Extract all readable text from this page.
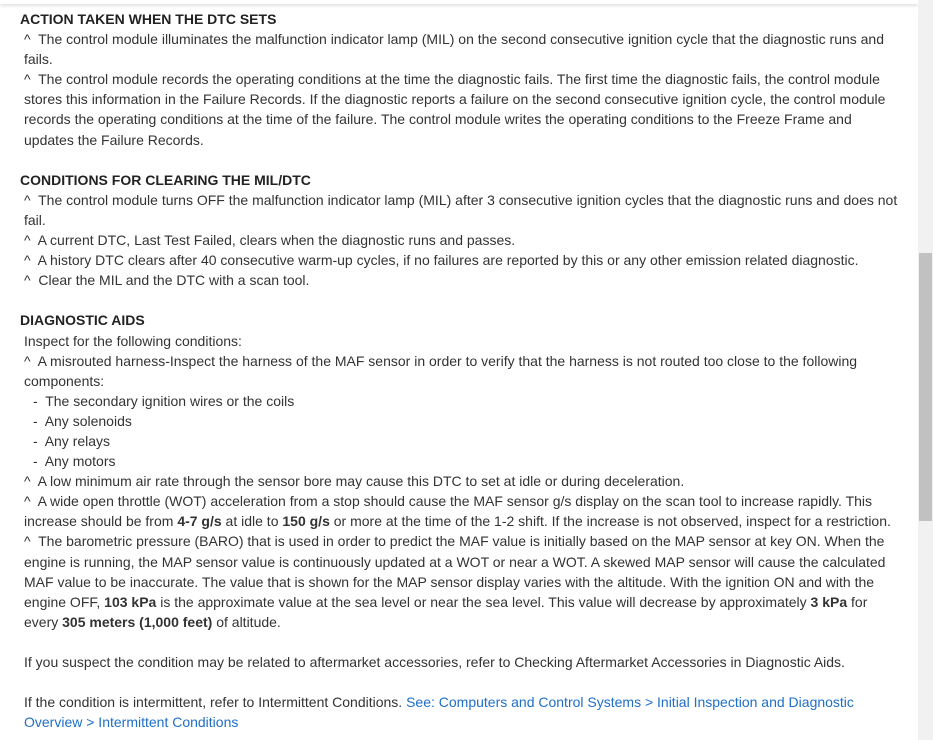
ACTION TAKEN WHEN THE DTC SETS

^ The control module illuminates the malfunction indicator lamp (MIL) on the second consecutive ignition cycle that the diagnostic runs and fails.

^ The control module records the operating conditions at the time the diagnostic fails. The first time the diagnostic fails, the control module stores this information in the Failure Records. If the diagnostic reports a failure on the second consecutive ignition cycle, the control module records the operating conditions at the time of the failure. The control module writes the operating conditions to the Freeze Frame and updates the Failure Records.

CONDITIONS FOR CLEARING THE MIL/DTC

^ The control module turns OFF the malfunction indicator lamp (MIL) after 3 consecutive ignition cycles that the diagnostic runs and does not fail.

^ A current DTC, Last Test Failed, clears when the diagnostic runs and passes.

^ A history DTC clears after 40 consecutive warm-up cycles, if no failures are reported by this or any other emission related diagnostic.

^ Clear the MIL and the DTC with a scan tool.

DIAGNOSTIC AIDS

Inspect for the following conditions:

^ A misrouted harness-Inspect the harness of the MAF sensor in order to verify that the harness is not routed too close to the following components:

- The secondary ignition wires or the coils

- Any solenoids

- Any relays

- Any motors

^ A low minimum air rate through the sensor bore may cause this DTC to set at idle or during deceleration.

^ A wide open throttle (WOT) acceleration from a stop should cause the MAF sensor g/s display on the scan tool to increase rapidly. This increase should be from 4-7 g/s at idle to 150 g/s or more at the time of the 1-2 shift. If the increase is not observed, inspect for a restriction.

^ The barometric pressure (BARO) that is used in order to predict the MAF value is initially based on the MAP sensor at key ON. When the engine is running, the MAP sensor value is continuously updated at a WOT or near a WOT. A skewed MAP sensor will cause the calculated MAF value to be inaccurate. The value that is shown for the MAP sensor display varies with the altitude. With the ignition ON and with the engine OFF, 103 kPa is the approximate value at the sea level or near the sea level. This value will decrease by approximately 3 kPa for every 305 meters (1,000 feet) of altitude.

If you suspect the condition may be related to aftermarket accessories, refer to Checking Aftermarket Accessories in Diagnostic Aids.

If the condition is intermittent, refer to Intermittent Conditions. See: Computers and Control Systems > Initial Inspection and Diagnostic Overview > Intermittent Conditions
